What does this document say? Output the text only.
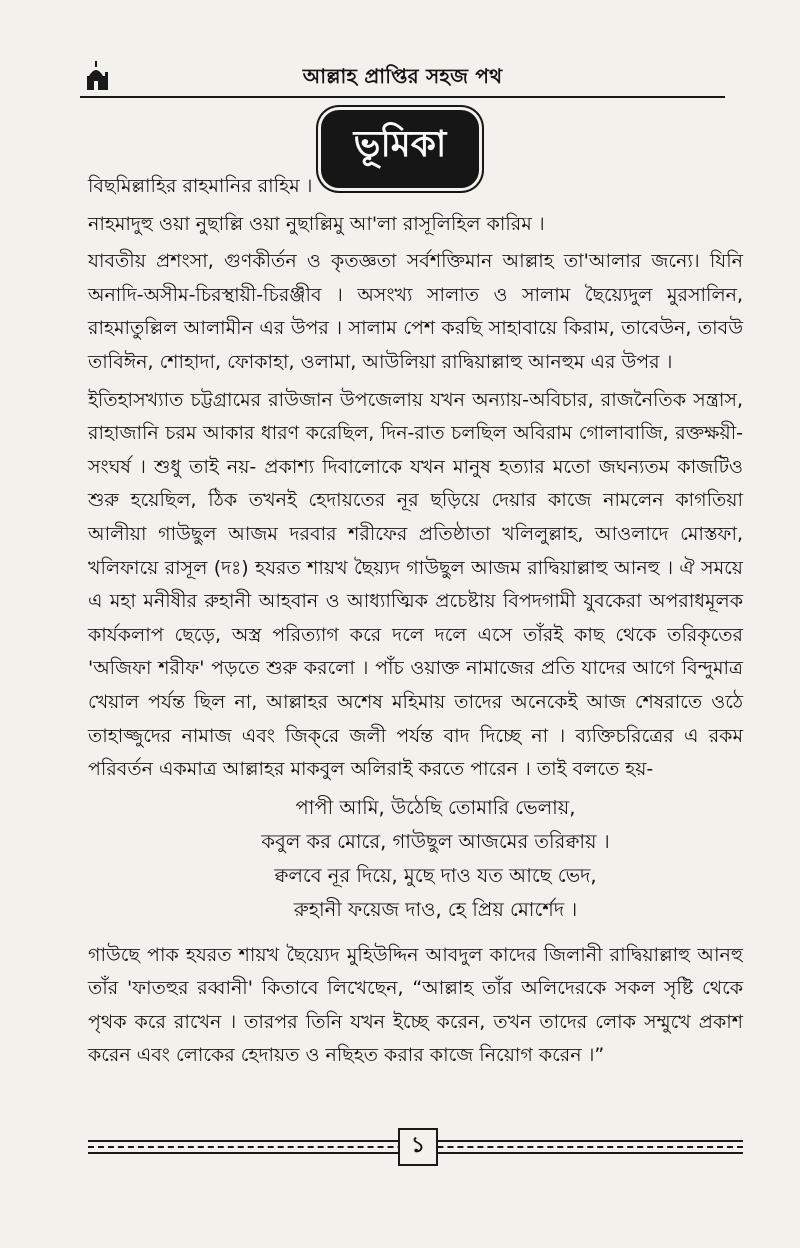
আল্লাহ প্রাপ্তির সহজ পথ
ভূমিকা

বিছমিল্লাহির রাহমানির রাহিম ।

নাহমাদুহু ওয়া নুছাল্লি ওয়া নুছাল্লিমু আ'লা রাসূলিহিল কারিম ।

যাবতীয় প্রশংসা, গুণকীর্তন ও কৃতজ্ঞতা সর্বশক্তিমান আল্লাহ তা'আলার জন্যে। যিনি অনাদি-অসীম-চিরস্থায়ী-চিরঞ্জীব । অসংখ্য সালাত ও সালাম ছৈয়্যেদুল মুরসালিন, রাহমাতুল্লিল আলামীন এর উপর । সালাম পেশ করছি সাহাবায়ে কিরাম, তাবেউন, তাবউ তাবিঈন, শোহাদা, ফোকাহা, ওলামা, আউলিয়া রাদ্বিয়াল্লাহু আনহুম এর উপর ।

ইতিহাসখ্যাত চট্টগ্রামের রাউজান উপজেলায় যখন অন্যায়-অবিচার, রাজনৈতিক সন্ত্রাস, রাহাজানি চরম আকার ধারণ করেছিল, দিন-রাত চলছিল অবিরাম গোলাবাজি, রক্তক্ষয়ী-সংঘর্ষ । শুধু তাই নয়- প্রকাশ্য দিবালোকে যখন মানুষ হত্যার মতো জঘন্যতম কাজটিও শুরু হয়েছিল, ঠিক তখনই হেদায়তের নূর ছড়িয়ে দেয়ার কাজে নামলেন কাগতিয়া আলীয়া গাউছুল আজম দরবার শরীফের প্রতিষ্ঠাতা খলিলুল্লাহ, আওলাদে মোস্তফা, খলিফায়ে রাসূল (দঃ) হযরত শায়খ ছৈয়্যদ গাউছুল আজম রাদ্বিয়াল্লাহু আনহু । ঐ সময়ে এ মহা মনীষীর রুহানী আহবান ও আধ্যাত্মিক প্রচেষ্টায় বিপদগামী যুবকেরা অপরাধমূলক কার্যকলাপ ছেড়ে, অস্ত্র পরিত্যাগ করে দলে দলে এসে তাঁরই কাছ থেকে তরিকৃতের 'অজিফা শরীফ' পড়তে শুরু করলো । পাঁচ ওয়াক্ত নামাজের প্রতি যাদের আগে বিন্দুমাত্র খেয়াল পর্যন্ত ছিল না, আল্লাহর অশেষ মহিমায় তাদের অনেকেই আজ শেষরাতে ওঠে তাহাজ্জুদের নামাজ এবং জিক্‌রে জলী পর্যন্ত বাদ দিচ্ছে না । ব্যক্তিচরিত্রের এ রকম পরিবর্তন একমাত্র আল্লাহর মাকবুল অলিরাই করতে পারেন । তাই বলতে হয়-

পাপী আমি, উঠেছি তোমারি ভেলায়,
কবুল কর মোরে, গাউছুল আজমের তরিক্বায় ।
ক্বলবে নূর দিয়ে, মুছে দাও যত আছে ভেদ,
রুহানী ফয়েজ দাও, হে প্রিয় মোর্শেদ ।

গাউছে পাক হযরত শায়খ ছৈয়্যেদ মুহিউদ্দিন আবদুল কাদের জিলানী রাদ্বিয়াল্লাহু আনহু তাঁর 'ফাতহুর রব্বানী' কিতাবে লিখেছেন, “আল্লাহ তাঁর অলিদেরকে সকল সৃষ্টি থেকে পৃথক করে রাখেন । তারপর তিনি যখন ইচ্ছে করেন, তখন তাদের লোক সম্মুখে প্রকাশ করেন এবং লোকের হেদায়ত ও নছিহত করার কাজে নিয়োগ করেন ।”

১
